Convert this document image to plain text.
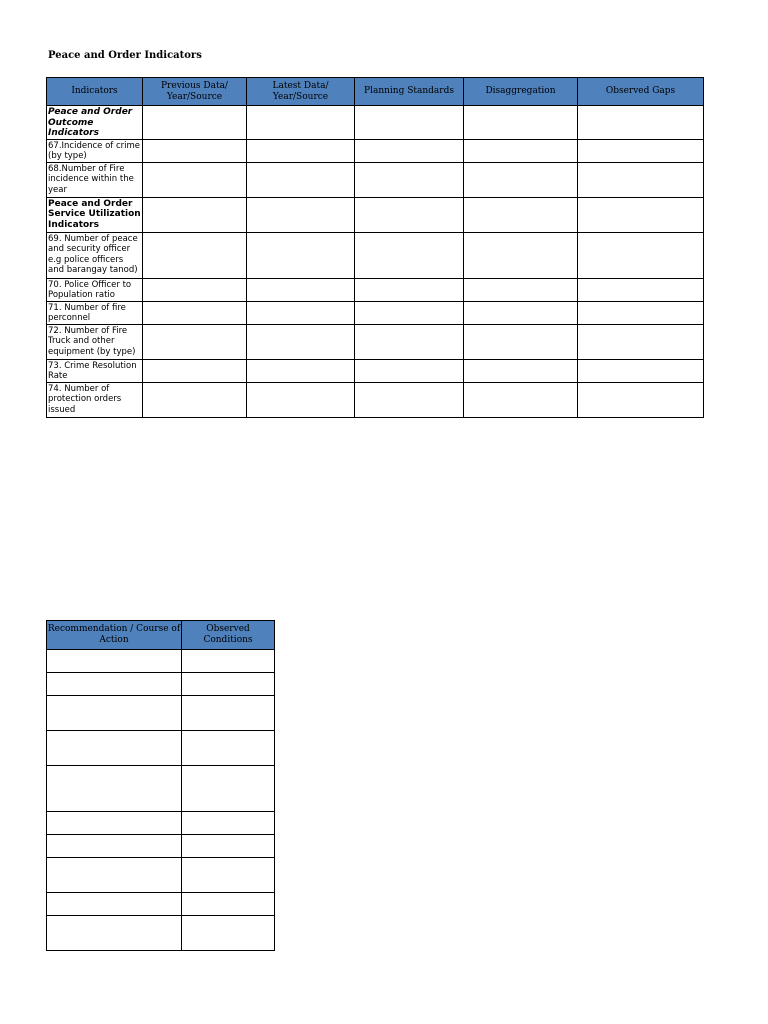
Peace and Order Indicators
Indicators	Previous Data/ Year/Source	Latest Data/ Year/Source	Planning Standards	Disaggregation	Observed Gaps
Peace and Order Outcome Indicators					
67.Incidence of crime (by type)					
68.Number of Fire incidence within the year					
Peace and Order Service Utilization Indicators					
69. Number of peace and security officer e.g police officers and barangay tanod)					
70. Police Officer to Population ratio					
71. Number of fire perconnel					
72. Number of Fire Truck and other equipment (by type)					
73. Crime Resolution Rate					
74. Number of protection orders issued					
Recommendation / Course of Action	Observed Conditions
